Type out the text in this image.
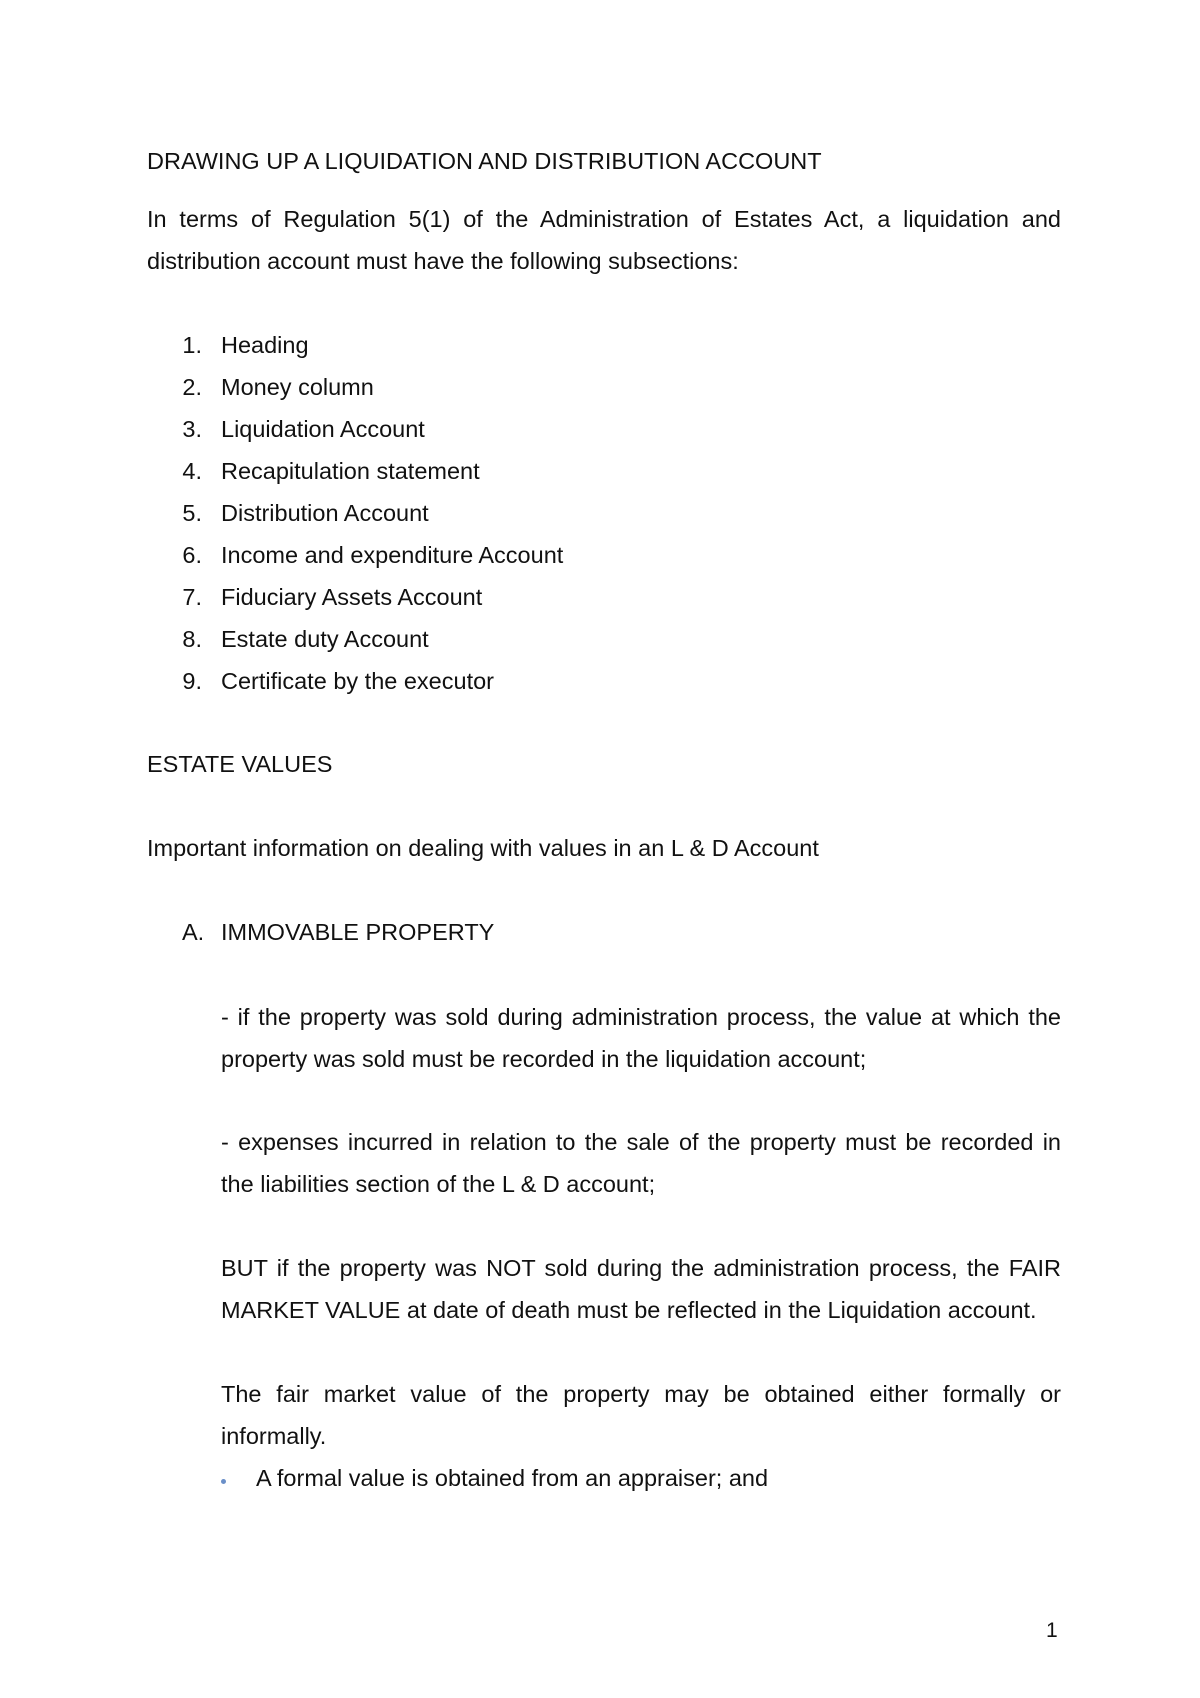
DRAWING UP A LIQUIDATION AND DISTRIBUTION ACCOUNT
In terms of Regulation 5(1) of the Administration of Estates Act, a liquidation and
distribution account must have the following subsections:
1. Heading
2. Money column
3. Liquidation Account
4. Recapitulation statement
5. Distribution Account
6. Income and expenditure Account
7. Fiduciary Assets Account
8. Estate duty Account
9. Certificate by the executor
ESTATE VALUES
Important information on dealing with values in an L & D Account
A. IMMOVABLE PROPERTY
- if the property was sold during administration process, the value at which the
property was sold must be recorded in the liquidation account;
- expenses incurred in relation to the sale of the property must be recorded in
the liabilities section of the L & D account;
BUT if the property was NOT sold during the administration process, the FAIR
MARKET VALUE at date of death must be reflected in the Liquidation account.
The fair market value of the property may be obtained either formally or
informally.
A formal value is obtained from an appraiser; and
1
